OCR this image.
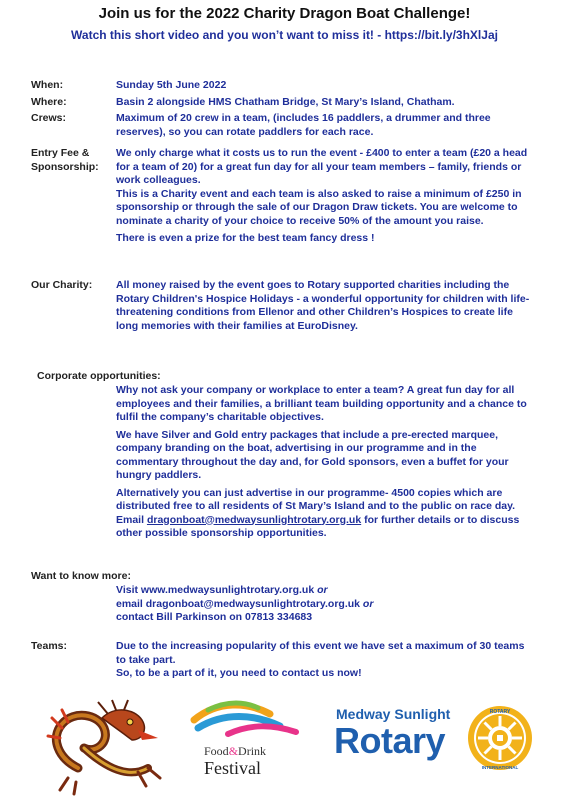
Join us for the 2022 Charity Dragon Boat Challenge!
Watch this short video and you won’t want to miss it! - https://bit.ly/3hXlJaj
When:	Sunday 5th June 2022
Where:	Basin 2 alongside HMS Chatham Bridge, St Mary’s Island, Chatham.
Crews:	Maximum of 20 crew in a team, (includes 16 paddlers, a drummer and three reserves), so you can rotate paddlers for each race.
Entry Fee &
Sponsorship:

We only charge what it costs us to run the event - £400 to enter a team (£20 a head for a team of 20) for a great fun day for all your team members – family, friends or work colleagues.

This is a Charity event and each team is also asked to raise a minimum of £250 in sponsorship or through the sale of our Dragon Draw tickets. You are welcome to nominate a charity of your choice to receive 50% of the amount you raise.

There is even a prize for the best team fancy dress !

Our Charity: All money raised by the event goes to Rotary supported charities including the Rotary Children's Hospice Holidays - a wonderful opportunity for children with life-threatening conditions from Ellenor and other Children’s Hospices to create life long memories with their families at EuroDisney.
Corporate opportunities:

Why not ask your company or workplace to enter a team? A great fun day for all employees and their families, a brilliant team building opportunity and a chance to fulfil the company’s charitable objectives.

We have Silver and Gold entry packages that include a pre-erected marquee, company branding on the boat, advertising in our programme and in the commentary throughout the day and, for Gold sponsors, even a buffet for your hungry paddlers.

Alternatively you can just advertise in our programme- 4500 copies which are distributed free to all residents of St Mary’s Island and to the public on race day. Email dragonboat@medwaysunlightrotary.org.uk for further details or to discuss other possible sponsorship opportunities.

Want to know more:
Visit www.medwaysunlightrotary.org.uk or
email dragonboat@medwaysunlightrotary.org.uk or
contact Bill Parkinson on 07813 334683
Teams:	Due to the increasing popularity of this event we have set a maximum of 30 teams to take part.

So, to be a part of it, you need to contact us now!

Food&Drink
Festival
Medway Sunlight
Rotary
ROTARY
INTERNATIONAL
